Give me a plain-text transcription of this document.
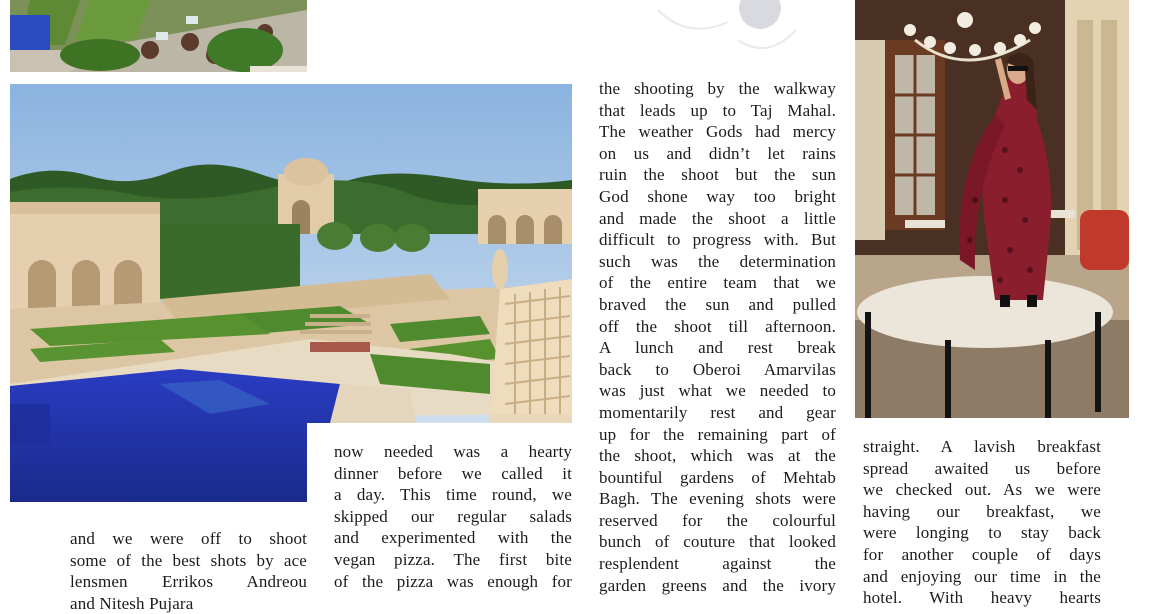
and we were off to shoot

some of the best shots by ace

lensmen Errikos Andreou

and Nitesh Pujara

now needed was a hearty

dinner before we called it

a day. This time round, we

skipped our regular salads

and experimented with the

vegan pizza. The first bite

of the pizza was enough for

the shooting by the walkway

that leads up to Taj Mahal.

The weather Gods had mercy

on us and didn’t let rains

ruin the shoot but the sun

God shone way too bright

and made the shoot a little

difficult to progress with. But

such was the determination

of the entire team that we

braved the sun and pulled

off the shoot till afternoon.

A lunch and rest break

back to Oberoi Amarvilas

was just what we needed to

momentarily rest and gear

up for the remaining part of

the shoot, which was at the

bountiful gardens of Mehtab

Bagh. The evening shots were

reserved for the colourful

bunch of couture that looked

resplendent against the

garden greens and the ivory

straight. A lavish breakfast

spread awaited us before

we checked out. As we were

having our breakfast, we

were longing to stay back

for another couple of days

and enjoying our time in the

hotel. With heavy hearts
